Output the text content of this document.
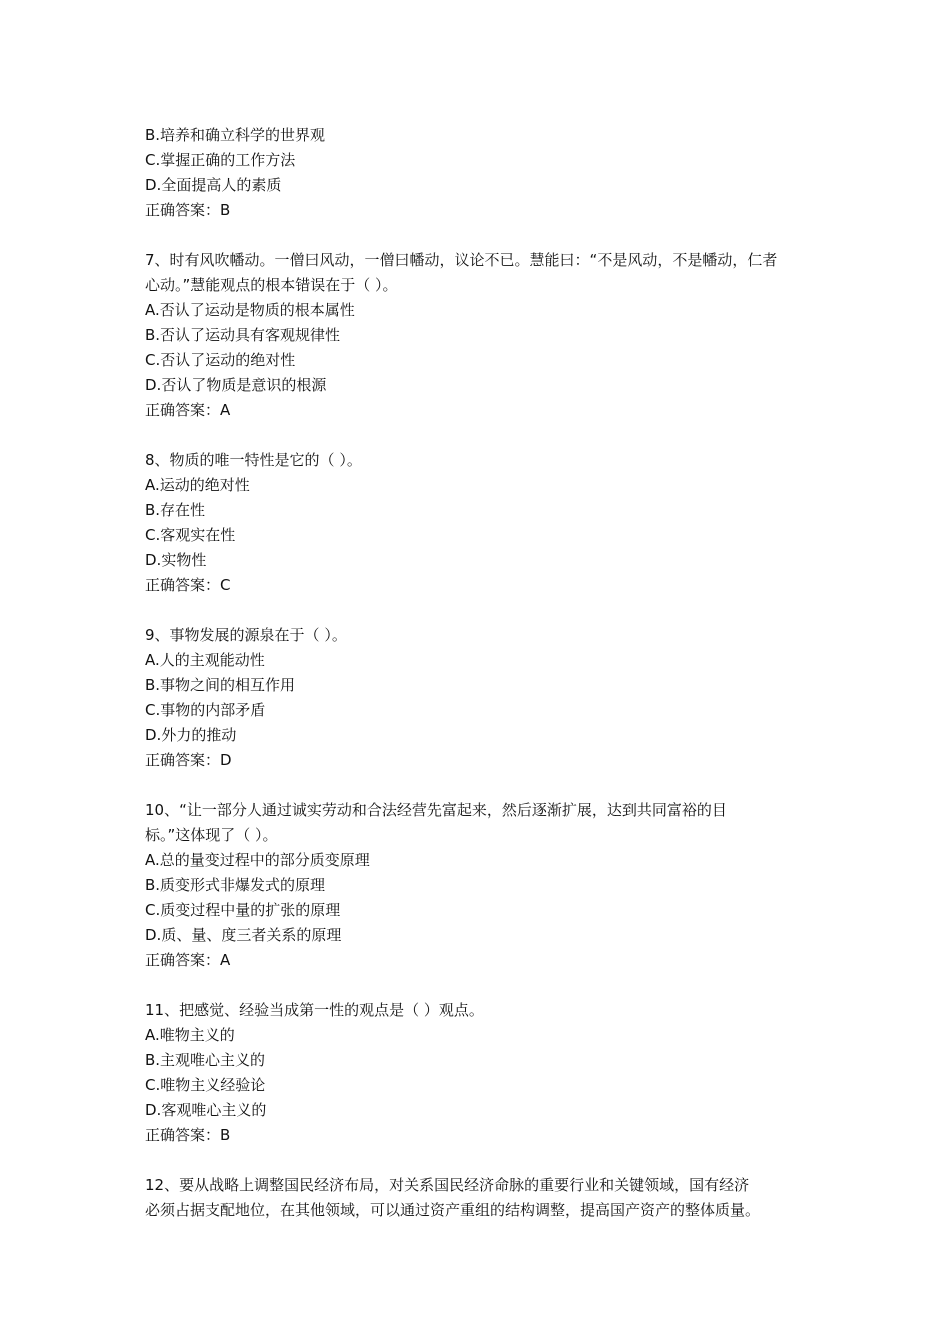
B.培养和确立科学的世界观
C.掌握正确的工作方法
D.全面提高人的素质
正确答案：B
7、时有风吹幡动。一僧曰风动，一僧曰幡动，议论不已。慧能曰：“不是风动，不是幡动，仁者
心动。”慧能观点的根本错误在于（ ）。
A.否认了运动是物质的根本属性
B.否认了运动具有客观规律性
C.否认了运动的绝对性
D.否认了物质是意识的根源
正确答案：A
8、物质的唯一特性是它的（ ）。
A.运动的绝对性
B.存在性
C.客观实在性
D.实物性
正确答案：C
9、事物发展的源泉在于（ ）。
A.人的主观能动性
B.事物之间的相互作用
C.事物的内部矛盾
D.外力的推动
正确答案：D
10、“让一部分人通过诚实劳动和合法经营先富起来，然后逐渐扩展，达到共同富裕的目
标。”这体现了（ ）。
A.总的量变过程中的部分质变原理
B.质变形式非爆发式的原理
C.质变过程中量的扩张的原理
D.质、量、度三者关系的原理
正确答案：A
11、把感觉、经验当成第一性的观点是（ ）观点。
A.唯物主义的
B.主观唯心主义的
C.唯物主义经验论
D.客观唯心主义的
正确答案：B
12、要从战略上调整国民经济布局，对关系国民经济命脉的重要行业和关键领域，国有经济
必须占据支配地位，在其他领域，可以通过资产重组的结构调整，提高国产资产的整体质量。
